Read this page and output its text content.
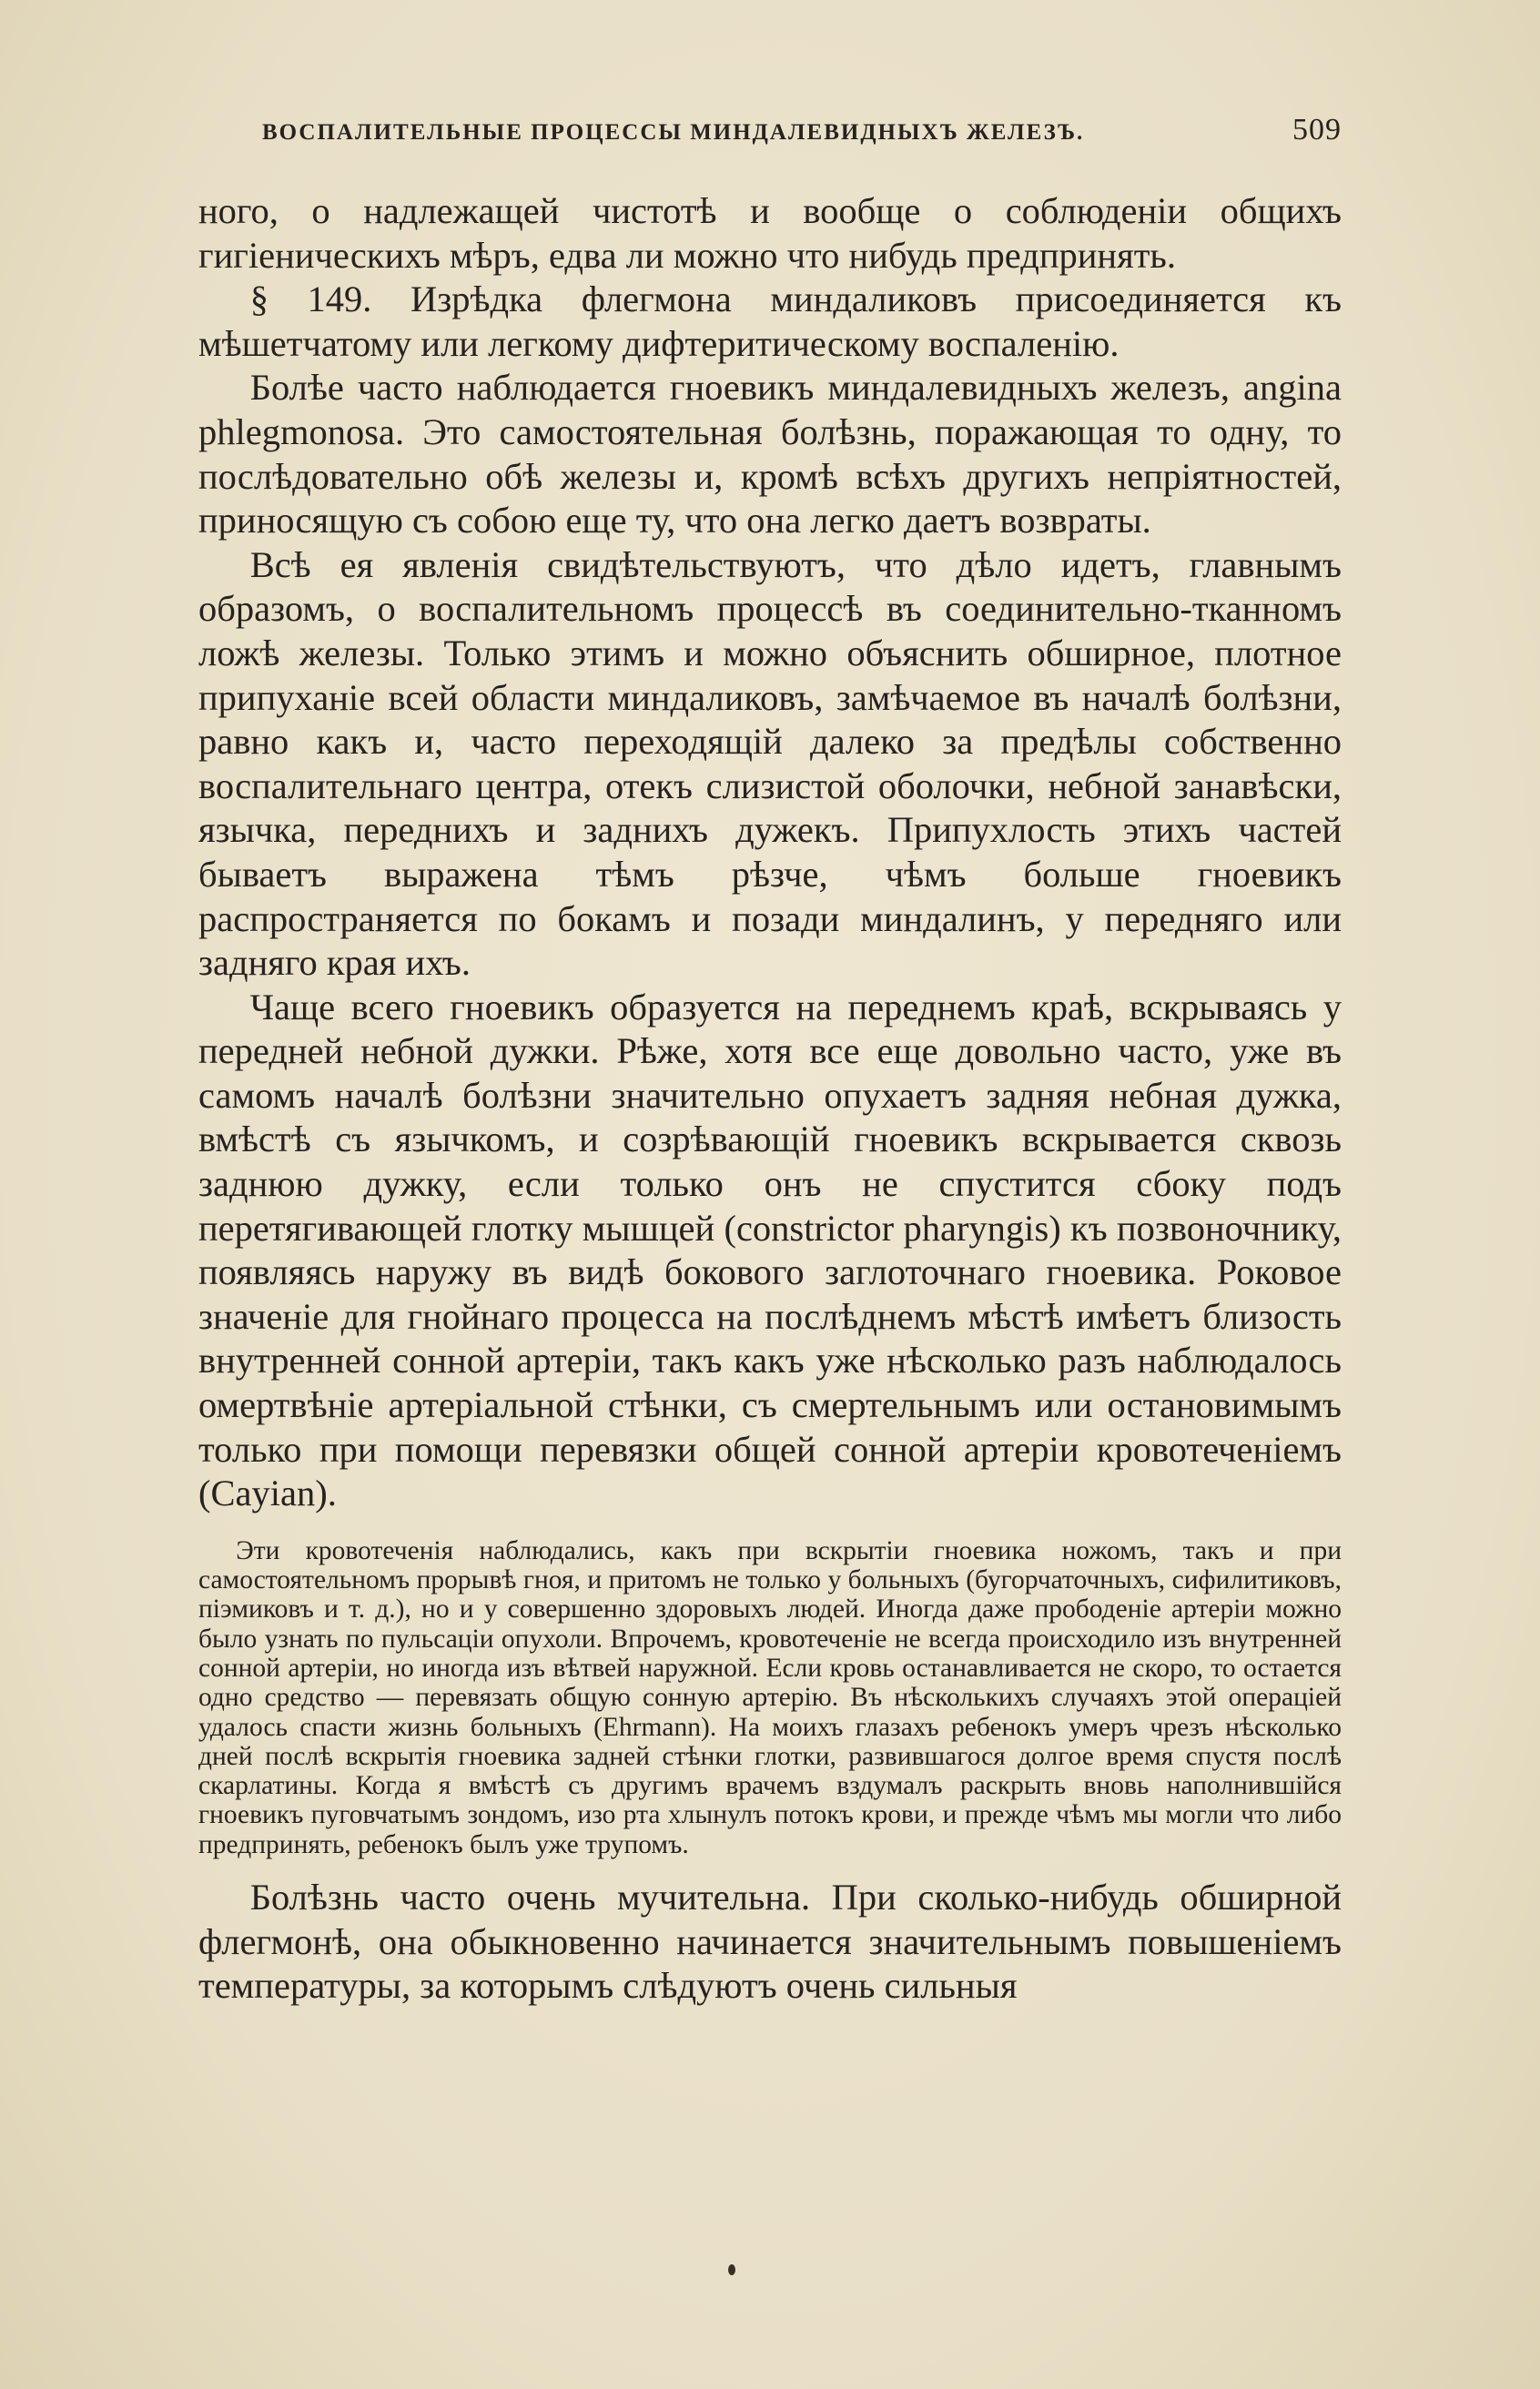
ВОСПАЛИТЕЛЬНЫЕ ПРОЦЕССЫ МИНДАЛЕВИДНЫХЪ ЖЕЛЕЗЪ.	509

ного, о надлежащей чистотѣ и вообще о соблюденіи общихъ гигіеническихъ мѣръ, едва ли можно что нибудь предпринять.

§ 149. Изрѣдка флегмона миндаликовъ присоединяется къ мѣшетчатому или легкому дифтеритическому воспаленію.

Болѣе часто наблюдается гноевикъ миндалевидныхъ железъ, angina phlegmonosa. Это самостоятельная болѣзнь, поражающая то одну, то послѣдовательно обѣ железы и, кромѣ всѣхъ другихъ непріятностей, приносящую съ собою еще ту, что она легко даетъ возвраты.

Всѣ ея явленія свидѣтельствуютъ, что дѣло идетъ, главнымъ образомъ, о воспалительномъ процессѣ въ соединительно-тканномъ ложѣ железы. Только этимъ и можно объяснить обширное, плотное припуханіе всей области миндаликовъ, замѣчаемое въ началѣ болѣзни, равно какъ и, часто переходящій далеко за предѣлы собственно воспалительнаго центра, отекъ слизистой оболочки, небной занавѣски, язычка, переднихъ и заднихъ дужекъ. Припухлость этихъ частей бываетъ выражена тѣмъ рѣзче, чѣмъ больше гноевикъ распространяется по бокамъ и позади миндалинъ, у передняго или задняго края ихъ.

Чаще всего гноевикъ образуется на переднемъ краѣ, вскрываясь у передней небной дужки. Рѣже, хотя все еще довольно часто, уже въ самомъ началѣ болѣзни значительно опухаетъ задняя небная дужка, вмѣстѣ съ язычкомъ, и созрѣвающій гноевикъ вскрывается сквозь заднюю дужку, если только онъ не спустится сбоку подъ перетягивающей глотку мышцей (constrictor pharyngis) къ позвоночнику, появляясь наружу въ видѣ бокового заглоточнаго гноевика. Роковое значеніе для гнойнаго процесса на послѣднемъ мѣстѣ имѣетъ близость внутренней сонной артеріи, такъ какъ уже нѣсколько разъ наблюдалось омертвѣніе артеріальной стѣнки, съ смертельнымъ или остановимымъ только при помощи перевязки общей сонной артеріи кровотеченіемъ (Cayian).

Эти кровотеченія наблюдались, какъ при вскрытіи гноевика ножомъ, такъ и при самостоятельномъ прорывѣ гноя, и притомъ не только у больныхъ (бугорчаточныхъ, сифилитиковъ, піэмиковъ и т. д.), но и у совершенно здоровыхъ людей. Иногда даже прободеніе артеріи можно было узнать по пульсаціи опухоли. Впрочемъ, кровотеченіе не всегда происходило изъ внутренней сонной артеріи, но иногда изъ вѣтвей наружной. Если кровь останавливается не скоро, то остается одно средство — перевязать общую сонную артерію. Въ нѣсколькихъ случаяхъ этой операціей удалось спасти жизнь больныхъ (Ehrmann). На моихъ глазахъ ребенокъ умеръ чрезъ нѣсколько дней послѣ вскрытія гноевика задней стѣнки глотки, развившагося долгое время спустя послѣ скарлатины. Когда я вмѣстѣ съ другимъ врачемъ вздумалъ раскрыть вновь наполнившійся гноевикъ пуговчатымъ зондомъ, изо рта хлынулъ потокъ крови, и прежде чѣмъ мы могли что либо предпринять, ребенокъ былъ уже трупомъ.

Болѣзнь часто очень мучительна. При сколько-нибудь обширной флегмонѣ, она обыкновенно начинается значительнымъ повышеніемъ температуры, за которымъ слѣдуютъ очень сильныя
